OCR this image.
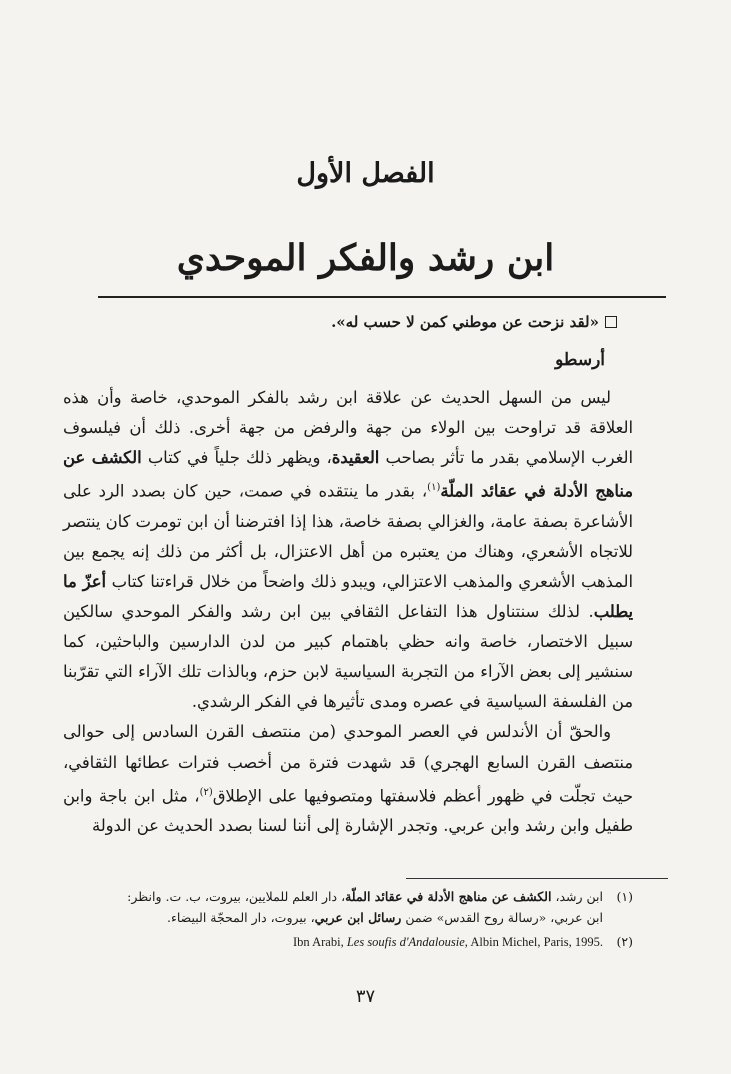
الفصل الأول
ابن رشد والفكر الموحدي
«لقد نزحت عن موطني كمن لا حسب له».
أرسطو

ليس من السهل الحديث عن علاقة ابن رشد بالفكر الموحدي، خاصة وأن هذه العلاقة قد تراوحت بين الولاء من جهة والرفض من جهة أخرى. ذلك أن فيلسوف الغرب الإسلامي بقدر ما تأثر بصاحب العقيدة، ويظهر ذلك جلياً في كتاب الكشف عن مناهج الأدلة في عقائد الملّة$^{(١)}$، بقدر ما ينتقده في صمت، حين كان بصدد الرد على الأشاعرة بصفة عامة، والغزالي بصفة خاصة، هذا إذا افترضنا أن ابن تومرت كان ينتصر للاتجاه الأشعري، وهناك من يعتبره من أهل الاعتزال، بل أكثر من ذلك إنه يجمع بين المذهب الأشعري والمذهب الاعتزالي، ويبدو ذلك واضحاً من خلال قراءتنا كتاب أعزّ ما يطلب. لذلك سنتناول هذا التفاعل الثقافي بين ابن رشد والفكر الموحدي سالكين سبيل الاختصار، خاصة وانه حظي باهتمام كبير من لدن الدارسين والباحثين، كما سنشير إلى بعض الآراء من التجربة السياسية لابن حزم، وبالذات تلك الآراء التي تقرّبنا من الفلسفة السياسية في عصره ومدى تأثيرها في الفكر الرشدي.

والحقّ أن الأندلس في العصر الموحدي (من منتصف القرن السادس إلى حوالى منتصف القرن السابع الهجري) قد شهدت فترة من أخصب فترات عطائها الثقافي، حيث تجلّت في ظهور أعظم فلاسفتها ومتصوفيها على الإطلاق$^{(٢)}$، مثل ابن باجة وابن طفيل وابن رشد وابن عربي. وتجدر الإشارة إلى أننا لسنا بصدد الحديث عن الدولة

(١)ابن رشد، الكشف عن مناهج الأدلة في عقائد الملّة، دار العلم للملايين، بيروت، ب. ت. وانظر:

ابن عربي، «رسالة روح القدس» ضمن رسائل ابن عربي، بيروت، دار المحجّة البيضاء.

(٢)Ibn Arabi, Les soufis d'Andalousie, Albin Michel, Paris, 1995.
٣٧
